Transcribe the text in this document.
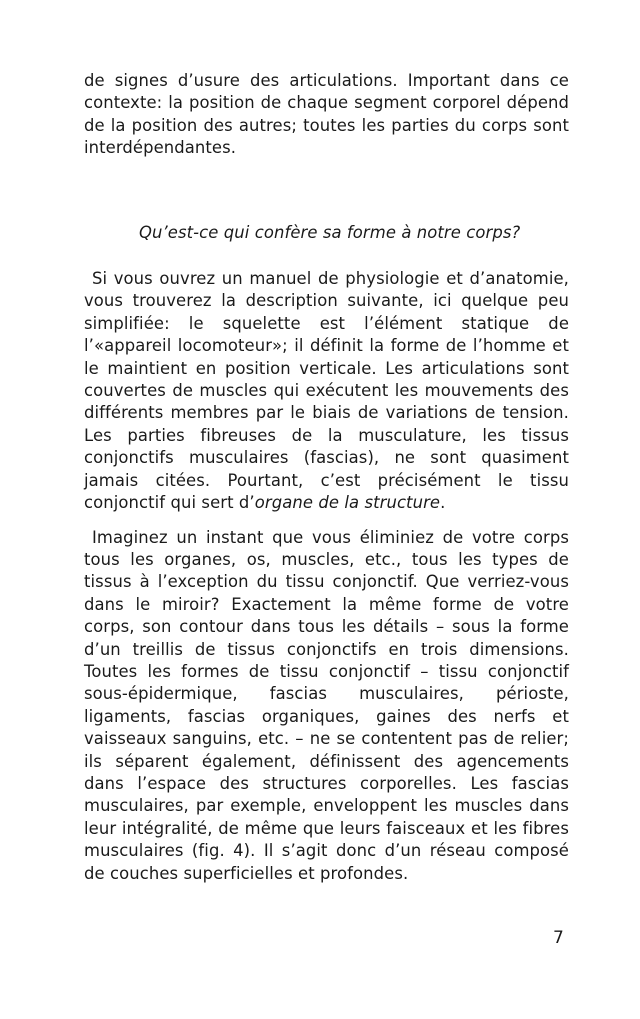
de signes d’usure des articulations. Important dans ce contexte: la position de chaque segment corporel dépend de la position des autres; toutes les parties du corps sont interdépendantes.

Qu’est-ce qui confère sa forme à notre corps?

Si vous ouvrez un manuel de physiologie et d’anatomie, vous trouverez la description suivante, ici quelque peu simplifiée: le squelette est l’élément statique de l’«appareil locomoteur»; il définit la forme de l’homme et le maintient en position verticale. Les articulations sont couvertes de muscles qui exécutent les mouvements des différents membres par le biais de variations de tension. Les parties fibreuses de la musculature, les tissus conjonctifs musculaires (fascias), ne sont quasiment jamais citées. Pourtant, c’est précisément le tissu conjonctif qui sert d’organe de la structure.

Imaginez un instant que vous éliminiez de votre corps tous les organes, os, muscles, etc., tous les types de tissus à l’exception du tissu conjonctif. Que verriez-vous dans le miroir? Exactement la même forme de votre corps, son contour dans tous les détails – sous la forme d’un treillis de tissus conjonctifs en trois dimensions. Toutes les formes de tissu conjonctif – tissu conjonctif sous-épidermique, fascias musculaires, périoste, ligaments, fascias organiques, gaines des nerfs et vaisseaux sanguins, etc. – ne se contentent pas de relier; ils séparent également, définissent des agencements dans l’espace des structures corporelles. Les fascias musculaires, par exemple, enveloppent les muscles dans leur intégralité, de même que leurs faisceaux et les fibres musculaires (fig. 4). Il s’agit donc d’un réseau composé de couches superficielles et profondes.

7
